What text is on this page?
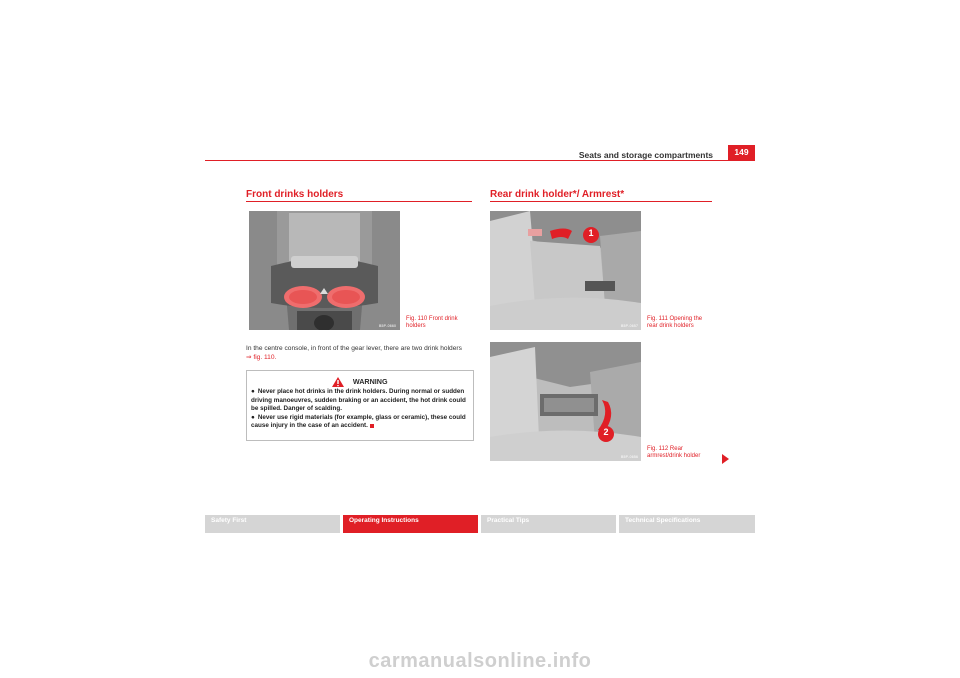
Seats and storage compartments	149
Front drinks holders
B5P-0660
Fig. 110 Front drink
holders
In the centre console, in front of the gear lever, there are two drink holders
⇒ fig. 110.
WARNING

● Never place hot drinks in the drink holders. During normal or sudden driving manoeuvres, sudden braking or an accident, the hot drink could be spilled. Danger of scalding.

● Never use rigid materials (for example, glass or ceramic), these could cause injury in the case of an accident.

Rear drink holder*/ Armrest*
1
B5P-0657
Fig. 111 Opening the
rear drink holders
2
B5P-0656
Fig. 112 Rear
armrest/drink holder
Safety First	Operating Instructions	Practical Tips	Technical Specifications
carmanualsonline.info
